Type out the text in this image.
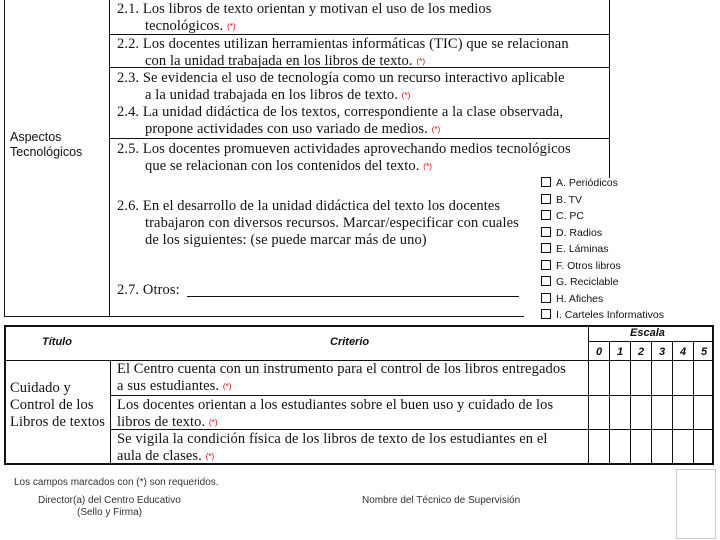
Aspectos Tecnológicos
2.1. Los libros de texto orientan y motivan el uso de los medios
tecnológicos. (*)
2.2. Los docentes utilizan herramientas informáticas (TIC) que se relacionan
con la unidad trabajada en los libros de texto. (*)
2.3. Se evidencia el uso de tecnología como un recurso interactivo aplicable
a la unidad trabajada en los libros de texto. (*)
2.4. La unidad didáctica de los textos, correspondiente a la clase observada,
propone actividades con uso variado de medios. (*)
2.5. Los docentes promueven actividades aprovechando medios tecnológicos
que se relacionan con los contenidos del texto. (*)
2.6. En el desarrollo de la unidad didáctica del texto los docentes
trabajaron con diversos recursos. Marcar/especificar con cuales
de los siguientes: (se puede marcar más de uno)
2.7. Otros:
A. Periódicos
B. TV
C. PC
D. Radios
E. Láminas
F. Otros libros
G. Reciclable
H. Afiches
I. Carteles Informativos
Título	Criterio
Escala
0	1	2	3	4	5
Cuidado y Control de los Libros de textos
El Centro cuenta con un instrumento para el control de los libros entregados
a sus estudiantes. (*)
Los docentes orientan a los estudiantes sobre el buen uso y cuidado de los
libros de texto. (*)
Se vigila la condición física de los libros de texto de los estudiantes en el
aula de clases. (*)
Los campos marcados con (*) son requeridos.
Director(a) del Centro Educativo
(Sello y Firma)
Nombre del Técnico de Supervisión
